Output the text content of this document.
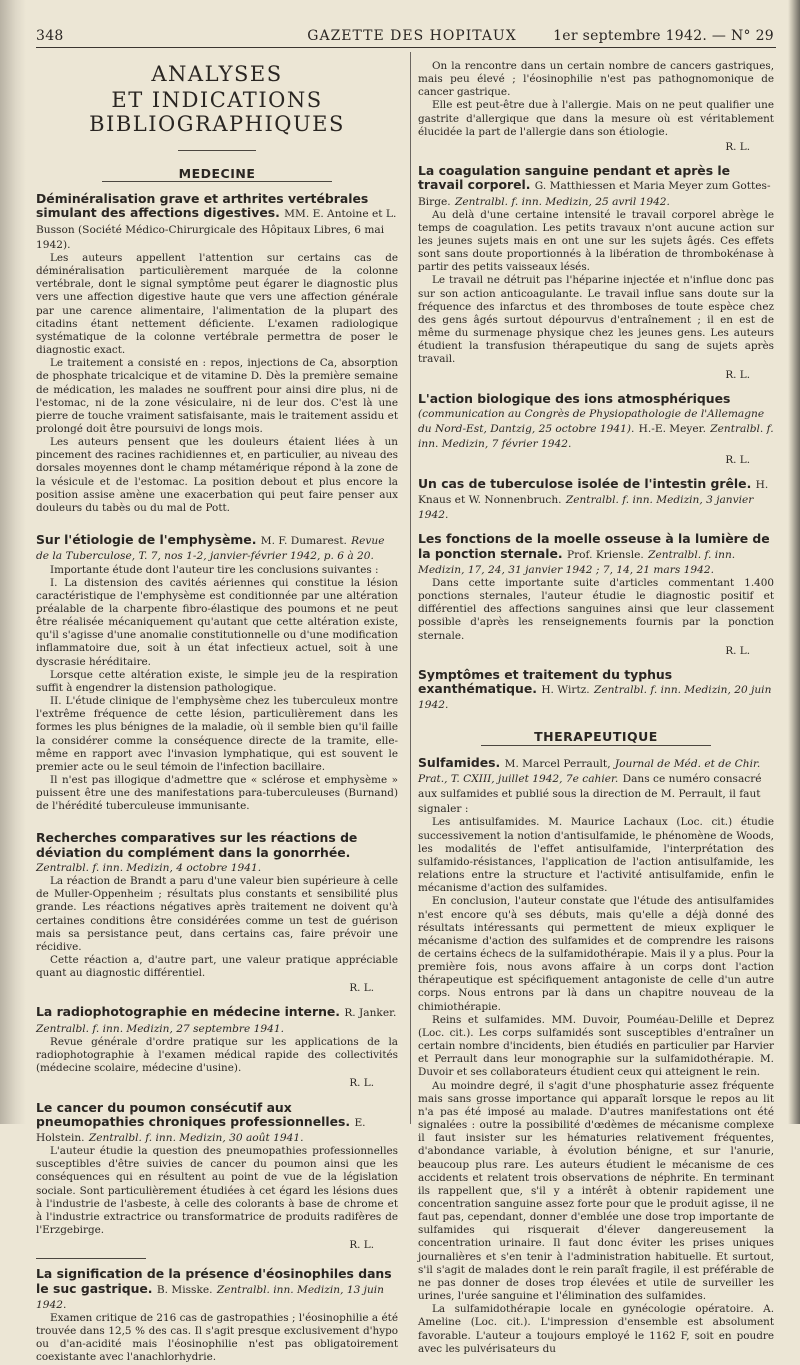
348	GAZETTE DES HOPITAUX	1er septembre 1942. — N° 29
ANALYSES
ET INDICATIONS BIBLIOGRAPHIQUES
MEDECINE

Déminéralisation grave et arthrites vertébrales simulant des affections digestives. MM. E. Antoine et L. Busson (Société Médico-Chirurgicale des Hôpitaux Libres, 6 mai 1942).

Les auteurs appellent l'attention sur certains cas de déminéralisation particulièrement marquée de la colonne vertébrale, dont le signal symptôme peut égarer le diagnostic plus vers une affection digestive haute que vers une affection générale par une carence alimentaire, l'alimentation de la plupart des citadins étant nettement déficiente. L'examen radiologique systématique de la colonne vertébrale permettra de poser le diagnostic exact.

Le traitement a consisté en : repos, injections de Ca, absorption de phosphate tricalcique et de vitamine D. Dès la première semaine de médication, les malades ne souffrent pour ainsi dire plus, ni de l'estomac, ni de la zone vésiculaire, ni de leur dos. C'est là une pierre de touche vraiment satisfaisante, mais le traitement assidu et prolongé doit être poursuivi de longs mois.

Les auteurs pensent que les douleurs étaient liées à un pincement des racines rachidiennes et, en particulier, au niveau des dorsales moyennes dont le champ métamérique répond à la zone de la vésicule et de l'estomac. La position debout et plus encore la position assise amène une exacerbation qui peut faire penser aux douleurs du tabès ou du mal de Pott.

Sur l'étiologie de l'emphysème. M. F. Dumarest. Revue de la Tuberculose, T. 7, nos 1-2, janvier-février 1942, p. 6 à 20.

Importante étude dont l'auteur tire les conclusions suivantes :

I. La distension des cavités aériennes qui constitue la lésion caractéristique de l'emphysème est conditionnée par une altération préalable de la charpente fibro-élastique des poumons et ne peut être réalisée mécaniquement qu'autant que cette altération existe, qu'il s'agisse d'une anomalie constitutionnelle ou d'une modification inflammatoire due, soit à un état infectieux actuel, soit à une dyscrasie héréditaire.

Lorsque cette altération existe, le simple jeu de la respiration suffit à engendrer la distension pathologique.

II. L'étude clinique de l'emphysème chez les tuberculeux montre l'extrême fréquence de cette lésion, particulièrement dans les formes les plus bénignes de la maladie, où il semble bien qu'il faille la considérer comme la conséquence directe de la tramite, elle-même en rapport avec l'invasion lymphatique, qui est souvent le premier acte ou le seul témoin de l'infection bacillaire.

Il n'est pas illogique d'admettre que « sclérose et emphysème » puissent être une des manifestations para-tuberculeuses (Burnand) de l'hérédité tuberculeuse immunisante.

Recherches comparatives sur les réactions de déviation du complément dans la gonorrhée. Zentralbl. f. inn. Medizin, 4 octobre 1941.

La réaction de Brandt a paru d'une valeur bien supérieure à celle de Muller-Oppenheim ; résultats plus constants et sensibilité plus grande. Les réactions négatives après traitement ne doivent qu'à certaines conditions être considérées comme un test de guérison mais sa persistance peut, dans certains cas, faire prévoir une récidive.

Cette réaction a, d'autre part, une valeur pratique appréciable quant au diagnostic différentiel.

R. L.

La radiophotographie en médecine interne. R. Janker. Zentralbl. f. inn. Medizin, 27 septembre 1941.

Revue générale d'ordre pratique sur les applications de la radiophotographie à l'examen médical rapide des collectivités (médecine scolaire, médecine d'usine).

R. L.

Le cancer du poumon consécutif aux pneumopathies chroniques professionnelles. E. Holstein. Zentralbl. f. inn. Medizin, 30 août 1941.

L'auteur étudie la question des pneumopathies professionnelles susceptibles d'être suivies de cancer du poumon ainsi que les conséquences qui en résultent au point de vue de la législation sociale. Sont particulièrement étudiées à cet égard les lésions dues à l'industrie de l'asbeste, à celle des colorants à base de chrome et à l'industrie extractrice ou transformatrice de produits radifères de l'Erzgebirge.

R. L.

La signification de la présence d'éosinophiles dans le suc gastrique. B. Misske. Zentralbl. inn. Medizin, 13 juin 1942.

Examen critique de 216 cas de gastropathies ; l'éosinophilie a été trouvée dans 12,5 % des cas. Il s'agit presque exclusivement d'hypo ou d'an-acidité mais l'éosinophilie n'est pas obligatoirement coexistante avec l'anachlorhydrie.

On la rencontre dans un certain nombre de cancers gastriques, mais peu élevé ; l'éosinophilie n'est pas pathognomonique de cancer gastrique.

Elle est peut-être due à l'allergie. Mais on ne peut qualifier une gastrite d'allergique que dans la mesure où est véritablement élucidée la part de l'allergie dans son étiologie.

R. L.

La coagulation sanguine pendant et après le travail corporel. G. Matthiessen et Maria Meyer zum Gottes-Birge. Zentralbl. f. inn. Medizin, 25 avril 1942.

Au delà d'une certaine intensité le travail corporel abrège le temps de coagulation. Les petits travaux n'ont aucune action sur les jeunes sujets mais en ont une sur les sujets âgés. Ces effets sont sans doute proportionnés à la libération de thrombokénase à partir des petits vaisseaux lésés.

Le travail ne détruit pas l'héparine injectée et n'influe donc pas sur son action anticoagulante. Le travail influe sans doute sur la fréquence des infarctus et des thromboses de toute espèce chez des gens âgés surtout dépourvus d'entraînement ; il en est de même du surmenage physique chez les jeunes gens. Les auteurs étudient la transfusion thérapeutique du sang de sujets après travail.

R. L.

L'action biologique des ions atmosphériques (communication au Congrès de Physiopathologie de l'Allemagne du Nord-Est, Dantzig, 25 octobre 1941). H.-E. Meyer. Zentralbl. f. inn. Medizin, 7 février 1942.

R. L.

Un cas de tuberculose isolée de l'intestin grêle. H. Knaus et W. Nonnenbruch. Zentralbl. f. inn. Medizin, 3 janvier 1942.

Les fonctions de la moelle osseuse à la lumière de la ponction sternale. Prof. Kriensle. Zentralbl. f. inn. Medizin, 17, 24, 31 janvier 1942 ; 7, 14, 21 mars 1942.

Dans cette importante suite d'articles commentant 1.400 ponctions sternales, l'auteur étudie le diagnostic positif et différentiel des affections sanguines ainsi que leur classement possible d'après les renseignements fournis par la ponction sternale.

R. L.

Symptômes et traitement du typhus exanthématique. H. Wirtz. Zentralbl. f. inn. Medizin, 20 juin 1942.

THERAPEUTIQUE

Sulfamides. M. Marcel Perrault, Journal de Méd. et de Chir. Prat., T. CXIII, juillet 1942, 7e cahier. Dans ce numéro consacré aux sulfamides et publié sous la direction de M. Perrault, il faut signaler :

Les antisulfamides. M. Maurice Lachaux (Loc. cit.) étudie successivement la notion d'antisulfamide, le phénomène de Woods, les modalités de l'effet antisulfamide, l'interprétation des sulfamido-résistances, l'application de l'action antisulfamide, les relations entre la structure et l'activité antisulfamide, enfin le mécanisme d'action des sulfamides.

En conclusion, l'auteur constate que l'étude des antisulfamides n'est encore qu'à ses débuts, mais qu'elle a déjà donné des résultats intéressants qui permettent de mieux expliquer le mécanisme d'action des sulfamides et de comprendre les raisons de certains échecs de la sulfamidothérapie. Mais il y a plus. Pour la première fois, nous avons affaire à un corps dont l'action thérapeutique est spécifiquement antagoniste de celle d'un autre corps. Nous entrons par là dans un chapitre nouveau de la chimiothérapie.

Reins et sulfamides. MM. Duvoir, Pouméau-Delille et Deprez (Loc. cit.). Les corps sulfamidés sont susceptibles d'entraîner un certain nombre d'incidents, bien étudiés en particulier par Harvier et Perrault dans leur monographie sur la sulfamidothérapie. M. Duvoir et ses collaborateurs étudient ceux qui atteignent le rein.

Au moindre degré, il s'agit d'une phosphaturie assez fréquente mais sans grosse importance qui apparaît lorsque le repos au lit n'a pas été imposé au malade. D'autres manifestations ont été signalées : outre la possibilité d'œdèmes de mécanisme complexe il faut insister sur les hématuries relativement fréquentes, d'abondance variable, à évolution bénigne, et sur l'anurie, beaucoup plus rare. Les auteurs étudient le mécanisme de ces accidents et relatent trois observations de néphrite. En terminant ils rappellent que, s'il y a intérêt à obtenir rapidement une concentration sanguine assez forte pour que le produit agisse, il ne faut pas, cependant, donner d'emblée une dose trop importante de sulfamides qui risquerait d'élever dangereusement la concentration urinaire. Il faut donc éviter les prises uniques journalières et s'en tenir à l'administration habituelle. Et surtout, s'il s'agit de malades dont le rein paraît fragile, il est préférable de ne pas donner de doses trop élevées et utile de surveiller les urines, l'urée sanguine et l'élimination des sulfamides.

La sulfamidothérapie locale en gynécologie opératoire. A. Ameline (Loc. cit.). L'impression d'ensemble est absolument favorable. L'auteur a toujours employé le 1162 F, soit en poudre avec les pulvérisateurs du
